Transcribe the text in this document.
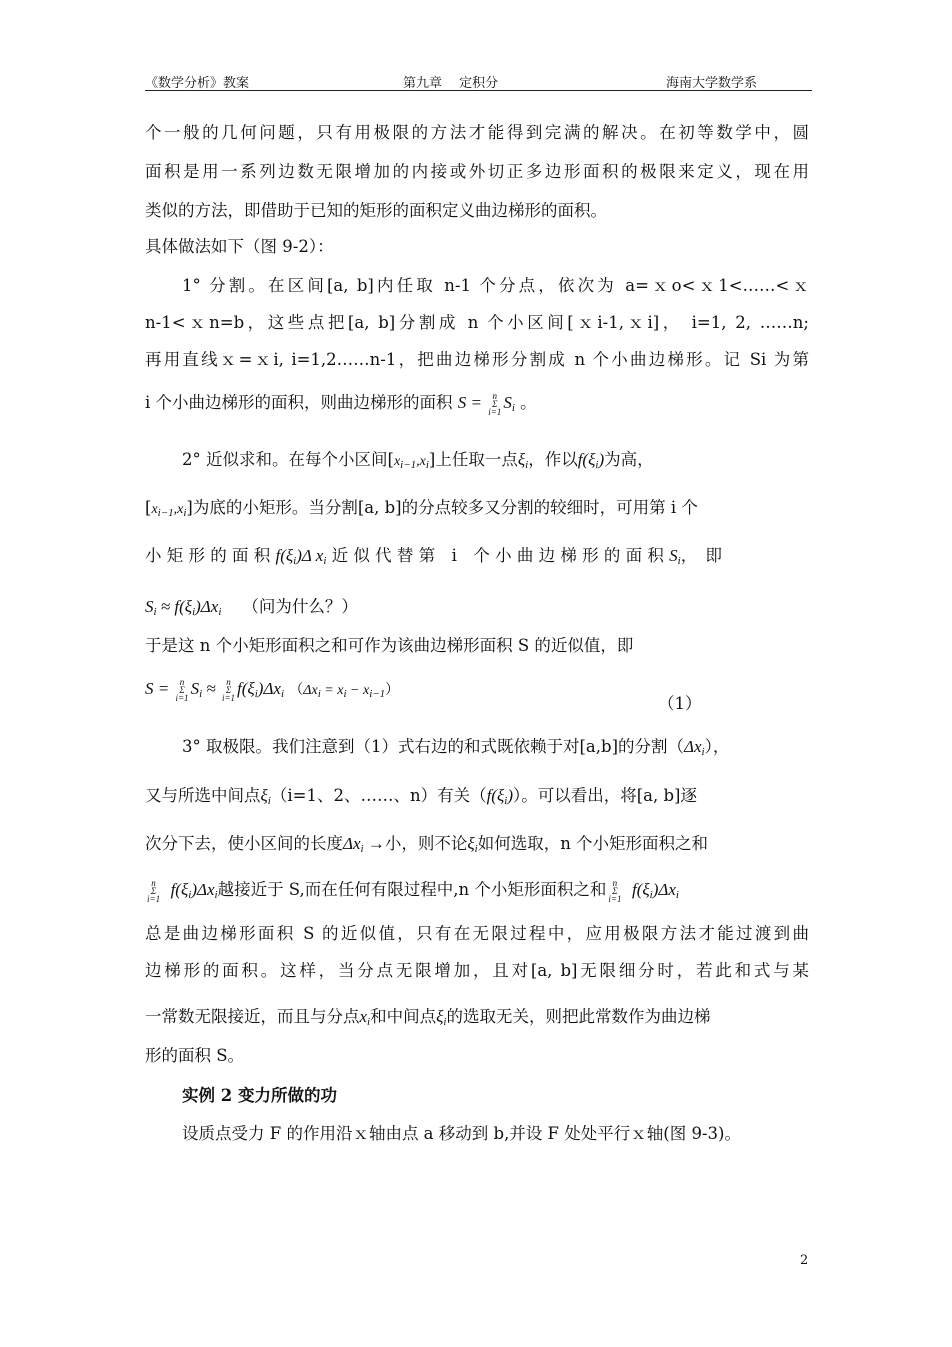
《数学分析》教案	第九章　 定积分	海南大学数学系
个一般的几何问题，只有用极限的方法才能得到完满的解决。在初等数学中，圆
面积是用一系列边数无限增加的内接或外切正多边形面积的极限来定义，现在用
类似的方法，即借助于已知的矩形的面积定义曲边梯形的面积。
具体做法如下（图 9-2）：
1° 分割。在区间[a, b]内任取 n-1 个分点，依次为 a=ｘo<ｘ1<……<ｘ
n-1<ｘn=b，这些点把[a, b]分割成 n 个小区间[ｘi-1,ｘi]， i=1, 2, ……n;
再用直线ｘ=ｘi, i=1,2……n-1，把曲边梯形分割成 n 个小曲边梯形。记 Si 为第
i 个小曲边梯形的面积，则曲边梯形的面积 S = n
Σ
$i=1S_i$ 。
2° 近似求和。在每个小区间$[x_{i-1},x_i]$上任取一点$\xi_i$，作以$f(\xi_i)$为高，
$[x_{i-1},x_i]$为底的小矩形。当分割[a, b]的分点较多又分割的较细时，可用第 i 个
小 矩 形 的 面 积 $f(\xi_i)\Delta$ $x_i$ 近 似 代 替 第　i　个 小 曲 边 梯 形 的 面 积 $S_i$，　即
$S_i \approx f(\xi_i)\Delta x_i$ （问为什么？）
于是这 n 个小矩形面积之和可作为该曲边梯形面积 S 的近似值，即
S = n
Σ
$i=1S_i \approx n$
Σ
$i=1f(\xi_i)\Delta x_i$ $(\Delta x_i = x_i - x_{i-1})$
（1）
3° 取极限。我们注意到（1）式右边的和式既依赖于对[a,b]的分割$(\Delta x_i)$，
又与所选中间点$\xi_i(i=1$、2、……、n）有关$(f(\xi_i))$。可以看出，将[a, b]逐
次分下去，使小区间的长度$\Delta x_i$ →小，则不论$\xi_i$如何选取，n 个小矩形面积之和
n
Σ
i=1  $f(\xi_i)\Delta x_i$越接近于 S,而在任何有限过程中,n 个小矩形面积之和 n
Σ
i=1  $f(\xi_i)\Delta x_i$
总是曲边梯形面积 S 的近似值，只有在无限过程中，应用极限方法才能过渡到曲
边梯形的面积。这样，当分点无限增加，且对[a, b]无限细分时，若此和式与某
一常数无限接近，而且与分点$x_i$和中间点$\xi_i$的选取无关，则把此常数作为曲边梯
形的面积 S。
实例 2 变力所做的功
设质点受力 F 的作用沿ｘ轴由点 a 移动到 b,并设 F 处处平行ｘ轴(图 9-3)。
2
